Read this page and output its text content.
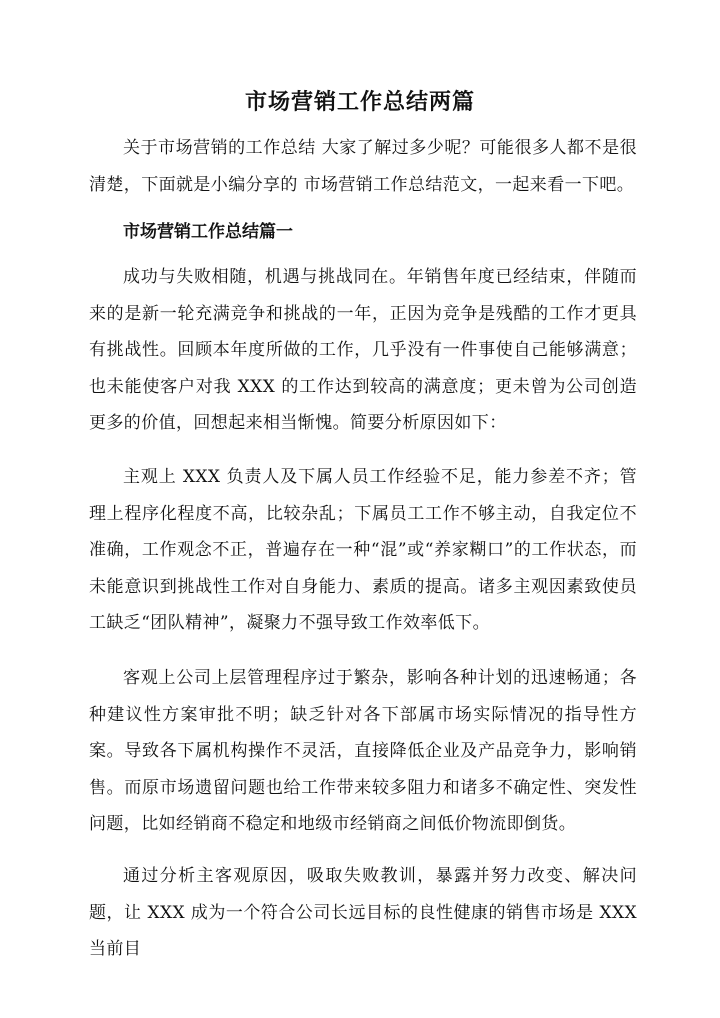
市场营销工作总结两篇

关于市场营销的工作总结 大家了解过多少呢？可能很多人都不是很清楚，下面就是小编分享的 市场营销工作总结范文，一起来看一下吧。

市场营销工作总结篇一

成功与失败相随，机遇与挑战同在。年销售年度已经结束，伴随而来的是新一轮充满竞争和挑战的一年，正因为竞争是残酷的工作才更具有挑战性。回顾本年度所做的工作，几乎没有一件事使自己能够满意；也未能使客户对我 XXX 的工作达到较高的满意度；更未曾为公司创造更多的价值，回想起来相当惭愧。简要分析原因如下：

主观上 XXX 负责人及下属人员工作经验不足，能力参差不齐；管理上程序化程度不高，比较杂乱；下属员工工作不够主动，自我定位不准确，工作观念不正，普遍存在一种“混”或“养家糊口”的工作状态，而未能意识到挑战性工作对自身能力、素质的提高。诸多主观因素致使员工缺乏“团队精神”，凝聚力不强导致工作效率低下。

客观上公司上层管理程序过于繁杂，影响各种计划的迅速畅通；各种建议性方案审批不明；缺乏针对各下部属市场实际情况的指导性方案。导致各下属机构操作不灵活，直接降低企业及产品竞争力，影响销售。而原市场遗留问题也给工作带来较多阻力和诸多不确定性、突发性问题，比如经销商不稳定和地级市经销商之间低价物流即倒货。

通过分析主客观原因，吸取失败教训，暴露并努力改变、解决问题，让 XXX 成为一个符合公司长远目标的良性健康的销售市场是 XXX 当前目
